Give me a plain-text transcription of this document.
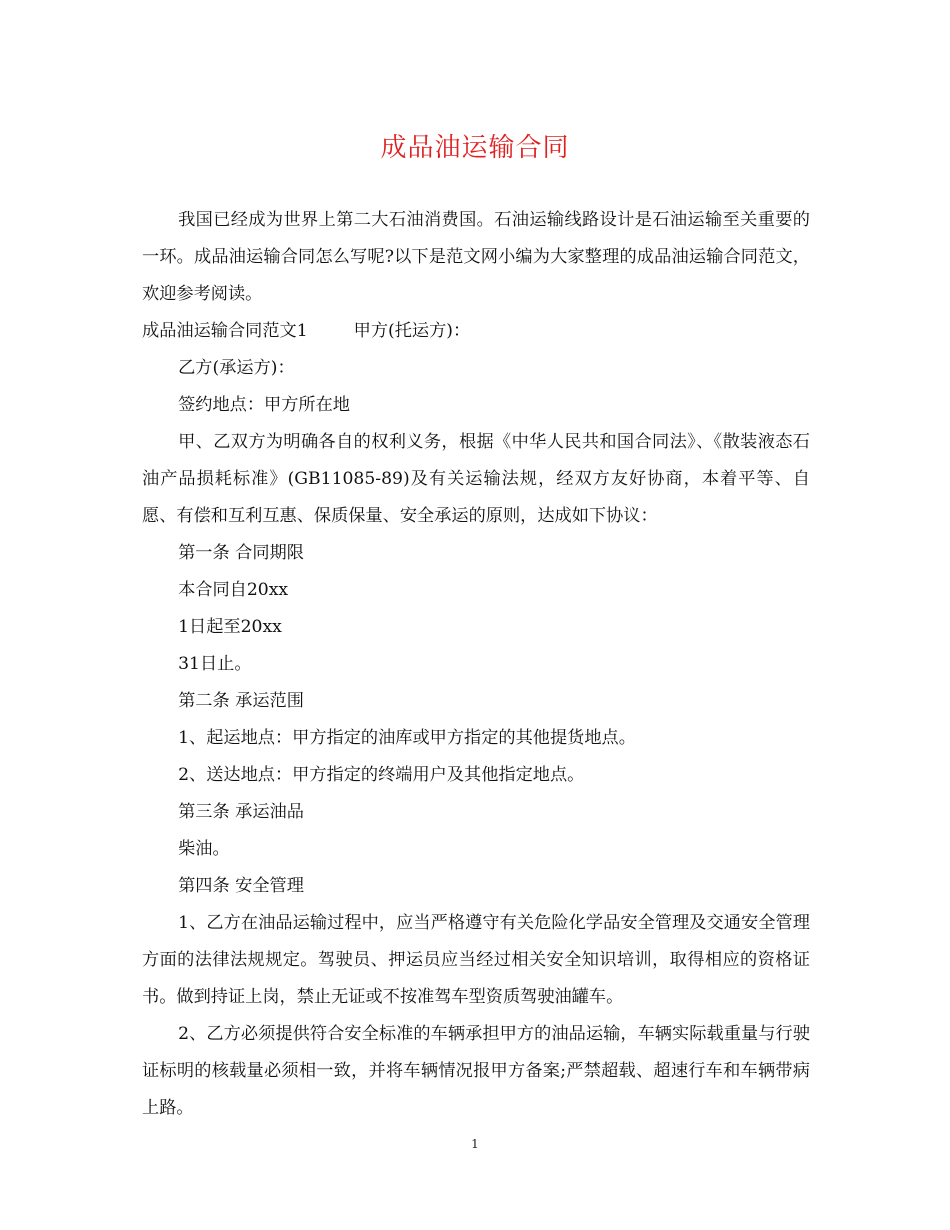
成品油运输合同

我国已经成为世界上第二大石油消费国。石油运输线路设计是石油运输至关重要的一环。成品油运输合同怎么写呢?以下是范文网小编为大家整理的成品油运输合同范文，欢迎参考阅读。

成品油运输合同范文1	甲方(托运方)：

乙方(承运方)：

签约地点：甲方所在地

甲、乙双方为明确各自的权利义务，根据《中华人民共和国合同法》、《散装液态石油产品损耗标准》(GB11085-89)及有关运输法规，经双方友好协商，本着平等、自愿、有偿和互利互惠、保质保量、安全承运的原则，达成如下协议：

第一条 合同期限

本合同自20xx

1日起至20xx

31日止。

第二条 承运范围

1、起运地点：甲方指定的油库或甲方指定的其他提货地点。

2、送达地点：甲方指定的终端用户及其他指定地点。

第三条 承运油品

柴油。

第四条 安全管理

1、乙方在油品运输过程中，应当严格遵守有关危险化学品安全管理及交通安全管理方面的法律法规规定。驾驶员、押运员应当经过相关安全知识培训，取得相应的资格证书。做到持证上岗，禁止无证或不按准驾车型资质驾驶油罐车。

2、乙方必须提供符合安全标准的车辆承担甲方的油品运输，车辆实际载重量与行驶证标明的核载量必须相一致，并将车辆情况报甲方备案;严禁超载、超速行车和车辆带病上路。

1
